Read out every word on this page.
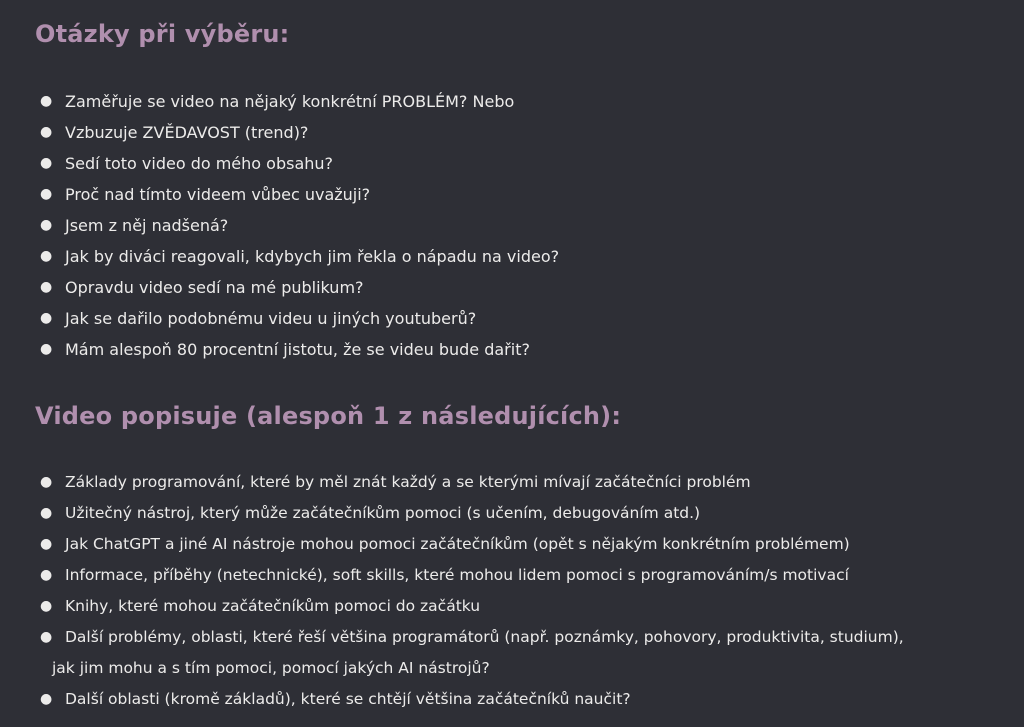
Otázky při výběru:
● Zaměřuje se video na nějaký konkrétní PROBLÉM? Nebo
● Vzbuzuje ZVĚDAVOST (trend)?
● Sedí toto video do mého obsahu?
● Proč nad tímto videem vůbec uvažuji?
● Jsem z něj nadšená?
● Jak by diváci reagovali, kdybych jim řekla o nápadu na video?
● Opravdu video sedí na mé publikum?
● Jak se dařilo podobnému videu u jiných youtuberů?
● Mám alespoň 80 procentní jistotu, že se videu bude dařit?
Video popisuje (alespoň 1 z následujících):
● Základy programování, které by měl znát každý a se kterými mívají začátečníci problém
● Užitečný nástroj, který může začátečníkům pomoci (s učením, debugováním atd.)
● Jak ChatGPT a jiné AI nástroje mohou pomoci začátečníkům (opět s nějakým konkrétním problémem)
● Informace, příběhy (netechnické), soft skills, které mohou lidem pomoci s programováním/s motivací
● Knihy, které mohou začátečníkům pomoci do začátku
● Další problémy, oblasti, které řeší většina programátorů (např. poznámky, pohovory, produktivita, studium),
jak jim mohu a s tím pomoci, pomocí jakých AI nástrojů?
● Další oblasti (kromě základů), které se chtějí většina začátečníků naučit?
